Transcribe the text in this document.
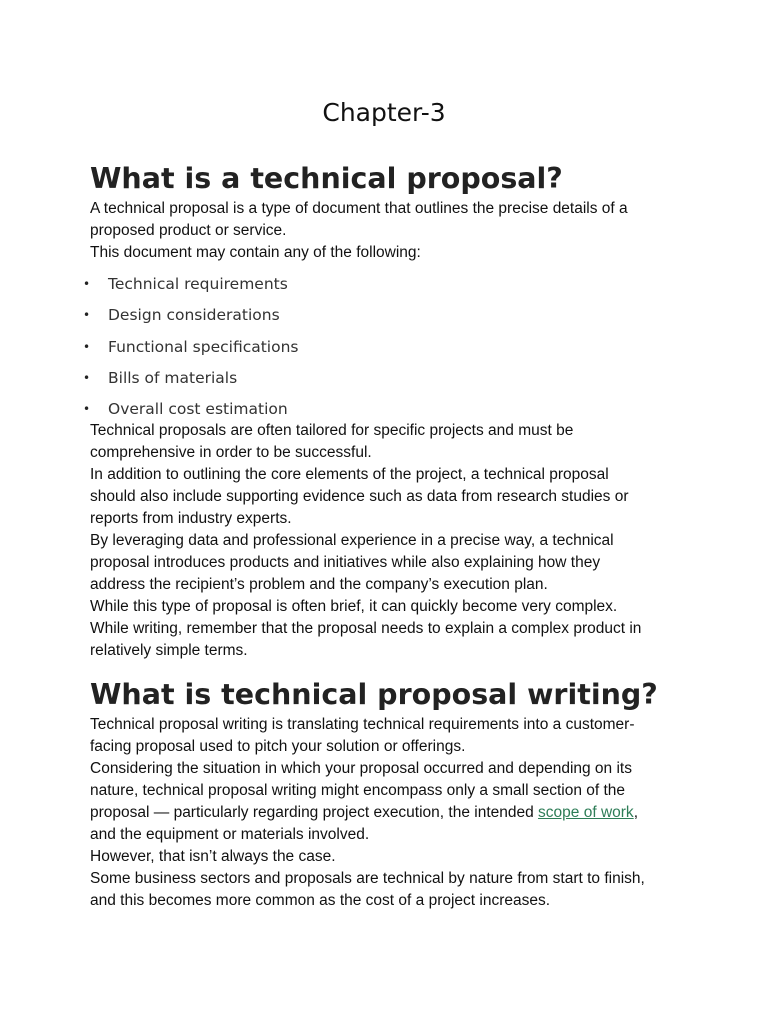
Chapter-3
What is a technical proposal?

A technical proposal is a type of document that outlines the precise details of a

proposed product or service.

This document may contain any of the following:

• Technical requirements
• Design considerations
• Functional specifications
• Bills of materials
• Overall cost estimation

Technical proposals are often tailored for specific projects and must be

comprehensive in order to be successful.

In addition to outlining the core elements of the project, a technical proposal

should also include supporting evidence such as data from research studies or

reports from industry experts.

By leveraging data and professional experience in a precise way, a technical

proposal introduces products and initiatives while also explaining how they

address the recipient’s problem and the company’s execution plan.

While this type of proposal is often brief, it can quickly become very complex.

While writing, remember that the proposal needs to explain a complex product in

relatively simple terms.

What is technical proposal writing?

Technical proposal writing is translating technical requirements into a customer-

facing proposal used to pitch your solution or offerings.

Considering the situation in which your proposal occurred and depending on its

nature, technical proposal writing might encompass only a small section of the

proposal — particularly regarding project execution, the intended scope of work,

and the equipment or materials involved.

However, that isn’t always the case.

Some business sectors and proposals are technical by nature from start to finish,

and this becomes more common as the cost of a project increases.
